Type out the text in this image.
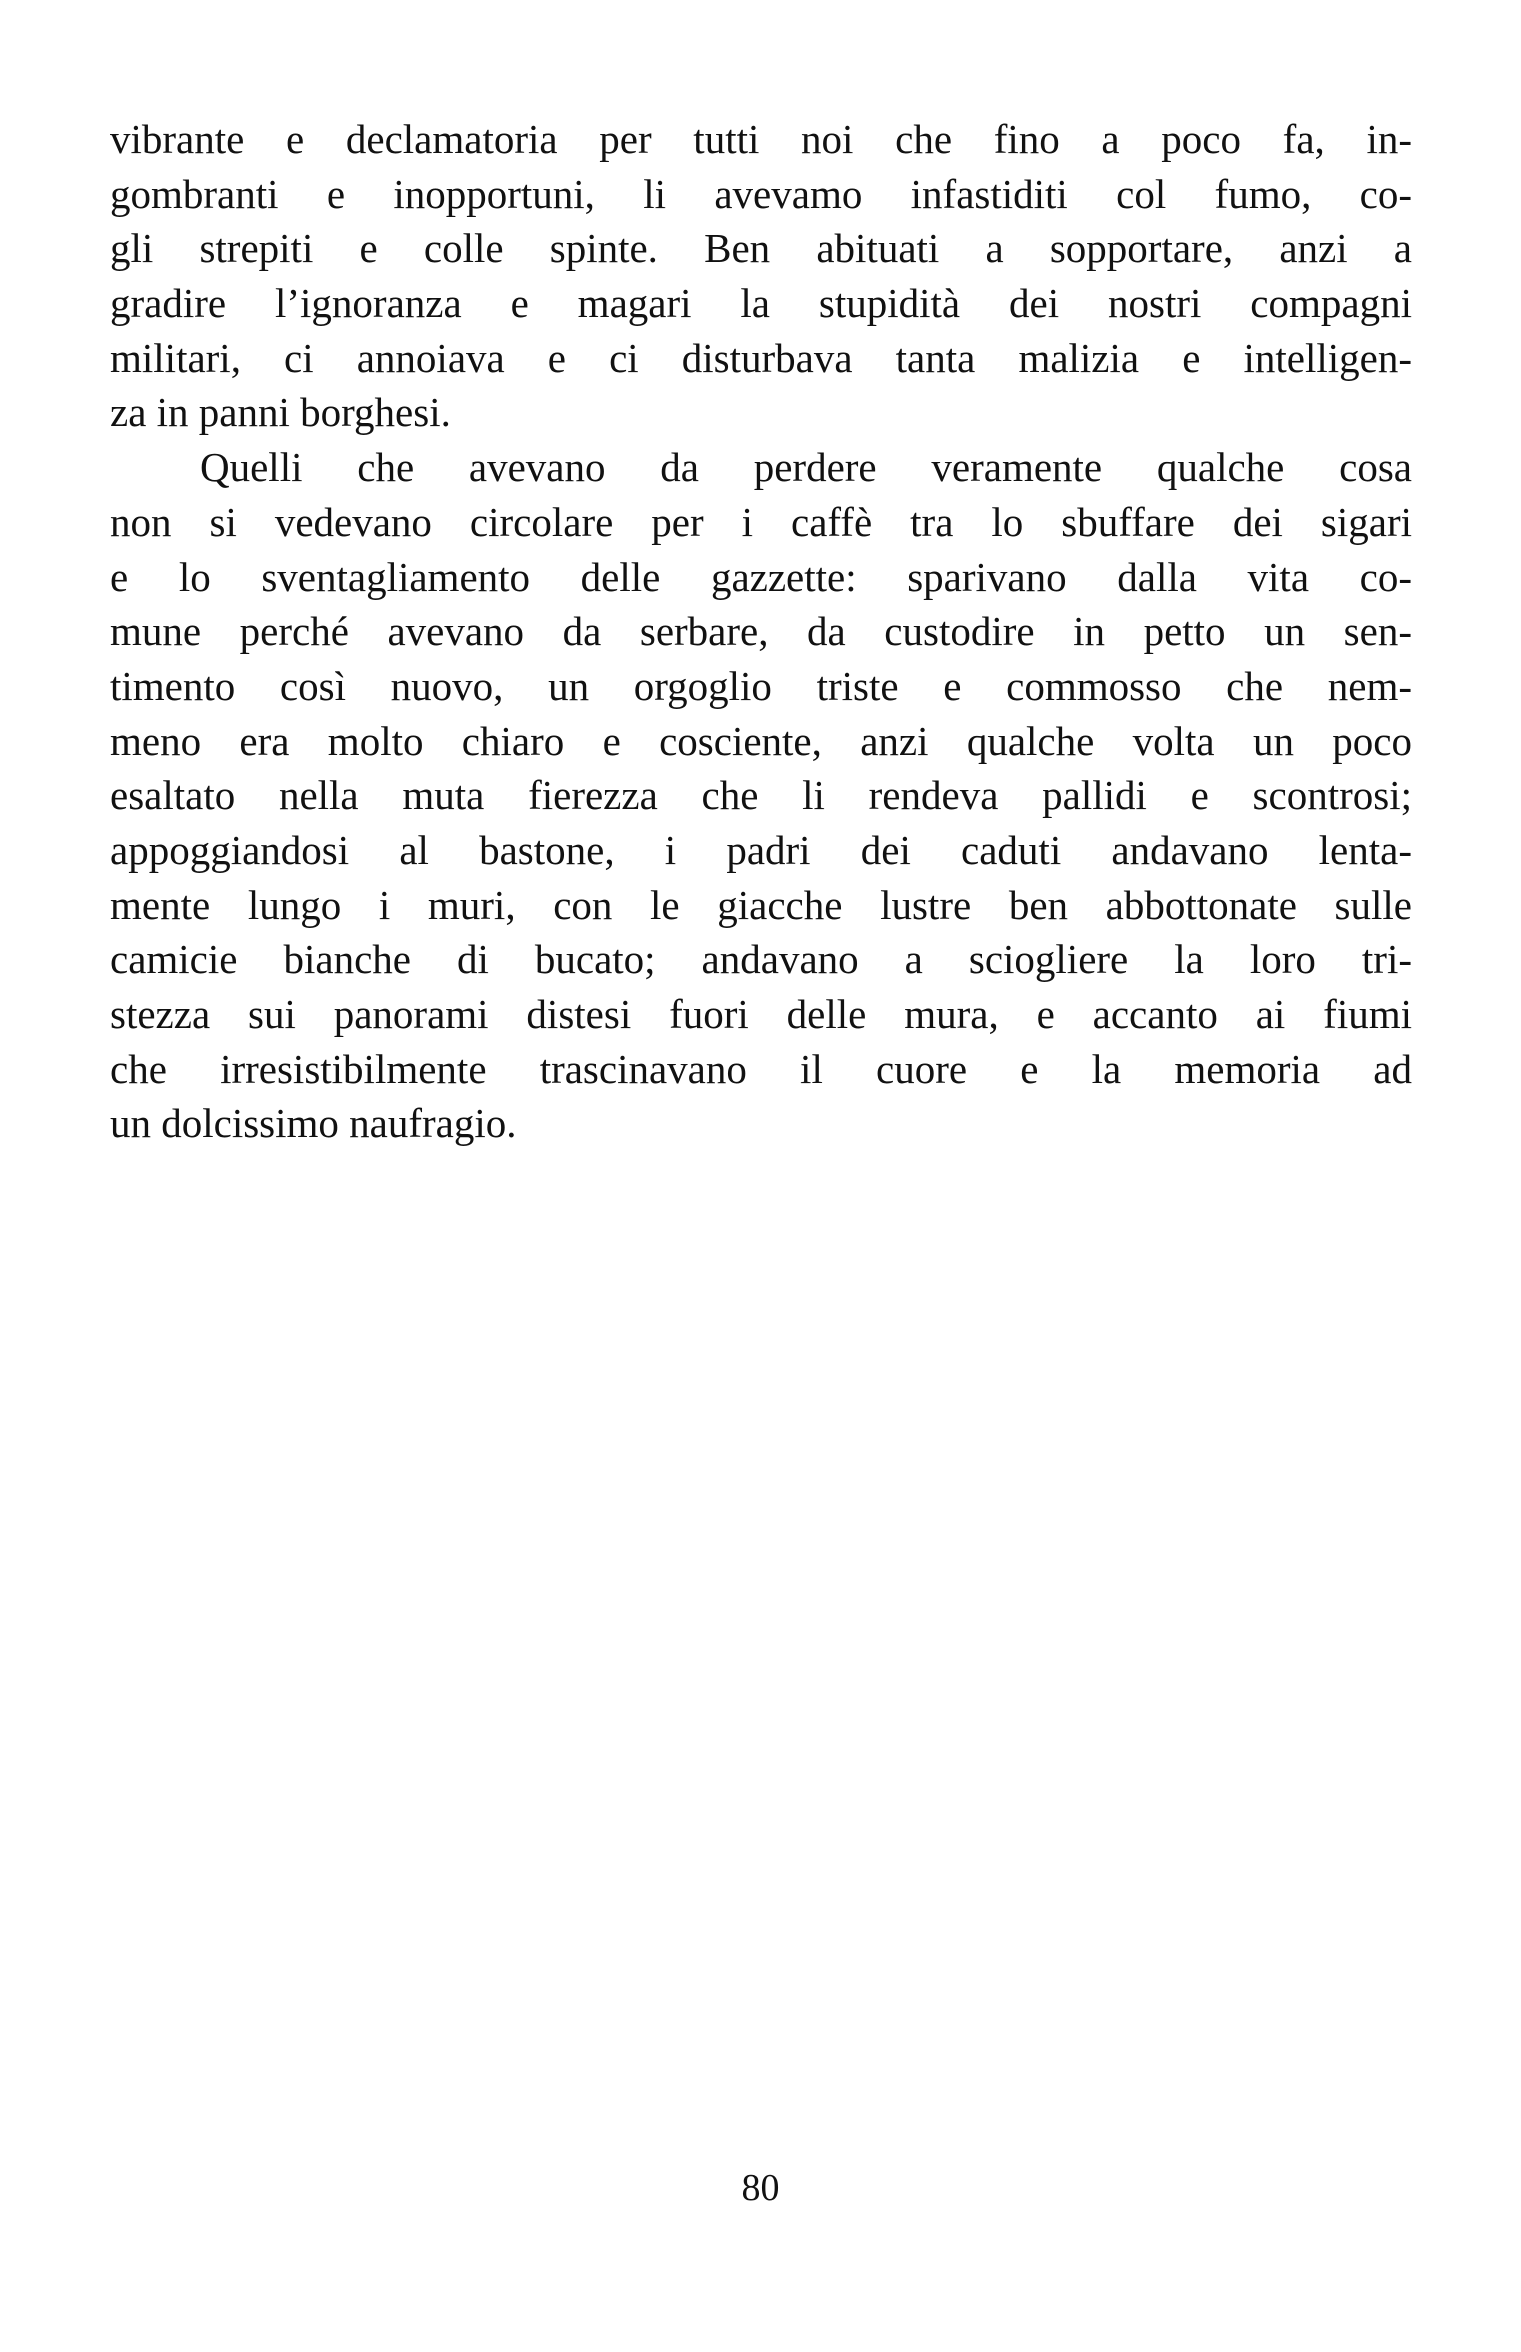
vibrante e declamatoria per tutti noi che fino a poco fa, in-
gombranti e inopportuni, li avevamo infastiditi col fumo, co-
gli strepiti e colle spinte. Ben abituati a sopportare, anzi a
gradire l’ignoranza e magari la stupidità dei nostri compagni
militari, ci annoiava e ci disturbava tanta malizia e intelligen-
za in panni borghesi.
Quelli che avevano da perdere veramente qualche cosa
non si vedevano circolare per i caffè tra lo sbuffare dei sigari
e lo sventagliamento delle gazzette: sparivano dalla vita co-
mune perché avevano da serbare, da custodire in petto un sen-
timento così nuovo, un orgoglio triste e commosso che nem-
meno era molto chiaro e cosciente, anzi qualche volta un poco
esaltato nella muta fierezza che li rendeva pallidi e scontrosi;
appoggiandosi al bastone, i padri dei caduti andavano lenta-
mente lungo i muri, con le giacche lustre ben abbottonate sulle
camicie bianche di bucato; andavano a sciogliere la loro tri-
stezza sui panorami distesi fuori delle mura, e accanto ai fiumi
che irresistibilmente trascinavano il cuore e la memoria ad
un dolcissimo naufragio.
80
